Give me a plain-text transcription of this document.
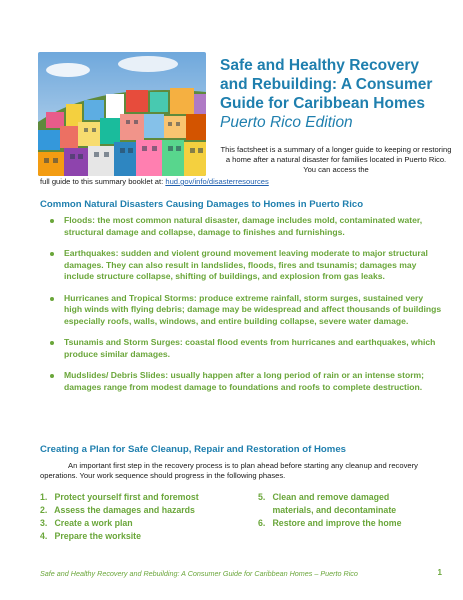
Safe and Healthy Recovery
and Rebuilding: A Consumer
Guide for Caribbean Homes
Puerto Rico Edition
This factsheet is a summary of a longer guide to keeping or restoring a home after a natural disaster for families located in Puerto Rico. You can access the
full guide to this summary booklet at: hud.gov/info/disasterresources
Common Natural Disasters Causing Damages to Homes in Puerto Rico
Floods: the most common natural disaster, damage includes mold, contaminated water, structural damage and collapse, damage to finishes and furnishings.
Earthquakes: sudden and violent ground movement leaving moderate to major structural damages. They can also result in landslides, floods, fires and tsunamis; damages may include structure collapse, shifting of buildings, and explosion from gas leaks.
Hurricanes and Tropical Storms: produce extreme rainfall, storm surges, sustained very high winds with flying debris; damage may be widespread and affect thousands of buildings especially roofs, walls, windows, and entire building collapse, severe water damage.
Tsunamis and Storm Surges: coastal flood events from hurricanes and earthquakes, which produce similar damages.
Mudslides/ Debris Slides: usually happen after a long period of rain or an intense storm; damages range from modest damage to foundations and roofs to complete destruction.
Creating a Plan for Safe Cleanup, Repair and Restoration of Homes
An important first step in the recovery process is to plan ahead before starting any cleanup and recovery operations. Your work sequence should progress in the following phases.
1. Protect yourself first and foremost
2. Assess the damages and hazards
3. Create a work plan
4. Prepare the worksite
5. Clean and remove damaged
materials, and decontaminate
6. Restore and improve the home
Safe and Healthy Recovery and Rebuilding: A Consumer Guide for Caribbean Homes – Puerto Rico	1
